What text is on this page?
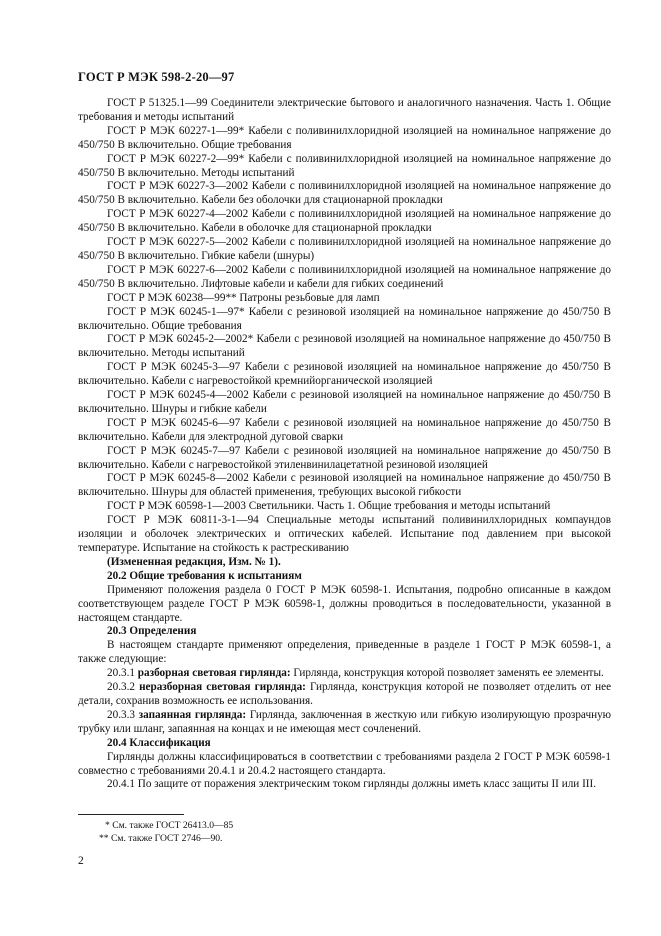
ГОСТ Р МЭК 598-2-20—97

ГОСТ Р 51325.1—99 Соединители электрические бытового и аналогичного назначения. Часть 1. Общие требования и методы испытаний

ГОСТ Р МЭК 60227-1—99* Кабели с поливинилхлоридной изоляцией на номинальное напряжение до 450/750 В включительно. Общие требования

ГОСТ Р МЭК 60227-2—99* Кабели с поливинилхлоридной изоляцией на номинальное напряжение до 450/750 В включительно. Методы испытаний

ГОСТ Р МЭК 60227-3—2002 Кабели с поливинилхлоридной изоляцией на номинальное напряжение до 450/750 В включительно. Кабели без оболочки для стационарной прокладки

ГОСТ Р МЭК 60227-4—2002 Кабели с поливинилхлоридной изоляцией на номинальное напряжение до 450/750 В включительно. Кабели в оболочке для стационарной прокладки

ГОСТ Р МЭК 60227-5—2002 Кабели с поливинилхлоридной изоляцией на номинальное напряжение до 450/750 В включительно. Гибкие кабели (шнуры)

ГОСТ Р МЭК 60227-6—2002 Кабели с поливинилхлоридной изоляцией на номинальное напряжение до 450/750 В включительно. Лифтовые кабели и кабели для гибких соединений

ГОСТ Р МЭК 60238—99** Патроны резьбовые для ламп

ГОСТ Р МЭК 60245-1—97* Кабели с резиновой изоляцией на номинальное напряжение до 450/750 В включительно. Общие требования

ГОСТ Р МЭК 60245-2—2002* Кабели с резиновой изоляцией на номинальное напряжение до 450/750 В включительно. Методы испытаний

ГОСТ Р МЭК 60245-3—97 Кабели с резиновой изоляцией на номинальное напряжение до 450/750 В включительно. Кабели с нагревостойкой кремнийорганической изоляцией

ГОСТ Р МЭК 60245-4—2002 Кабели с резиновой изоляцией на номинальное напряжение до 450/750 В включительно. Шнуры и гибкие кабели

ГОСТ Р МЭК 60245-6—97 Кабели с резиновой изоляцией на номинальное напряжение до 450/750 В включительно. Кабели для электродной дуговой сварки

ГОСТ Р МЭК 60245-7—97 Кабели с резиновой изоляцией на номинальное напряжение до 450/750 В включительно. Кабели с нагревостойкой этиленвинилацетатной резиновой изоляцией

ГОСТ Р МЭК 60245-8—2002 Кабели с резиновой изоляцией на номинальное напряжение до 450/750 В включительно. Шнуры для областей применения, требующих высокой гибкости

ГОСТ Р МЭК 60598-1—2003 Светильники. Часть 1. Общие требования и методы испытаний

ГОСТ Р МЭК 60811-3-1—94 Специальные методы испытаний поливинилхлоридных компаундов изоляции и оболочек электрических и оптических кабелей. Испытание под давлением при высокой температуре. Испытание на стойкость к растрескиванию

(Измененная редакция, Изм. № 1).

20.2 Общие требования к испытаниям

Применяют положения раздела 0 ГОСТ Р МЭК 60598-1. Испытания, подробно описанные в каждом соответствующем разделе ГОСТ Р МЭК 60598-1, должны проводиться в последовательности, указанной в настоящем стандарте.

20.3 Определения

В настоящем стандарте применяют определения, приведенные в разделе 1 ГОСТ Р МЭК 60598-1, а также следующие:

20.3.1 разборная световая гирлянда: Гирлянда, конструкция которой позволяет заменять ее элементы.

20.3.2 неразборная световая гирлянда: Гирлянда, конструкция которой не позволяет отделить от нее детали, сохранив возможность ее использования.

20.3.3 запаянная гирлянда: Гирлянда, заключенная в жесткую или гибкую изолирующую прозрачную трубку или шланг, запаянная на концах и не имеющая мест сочленений.

20.4 Классификация

Гирлянды должны классифицироваться в соответствии с требованиями раздела 2 ГОСТ Р МЭК 60598-1 совместно с требованиями 20.4.1 и 20.4.2 настоящего стандарта.

20.4.1 По защите от поражения электрическим током гирлянды должны иметь класс защиты II или III.

* См. также ГОСТ 26413.0—85
** См. также ГОСТ 2746—90.
2
